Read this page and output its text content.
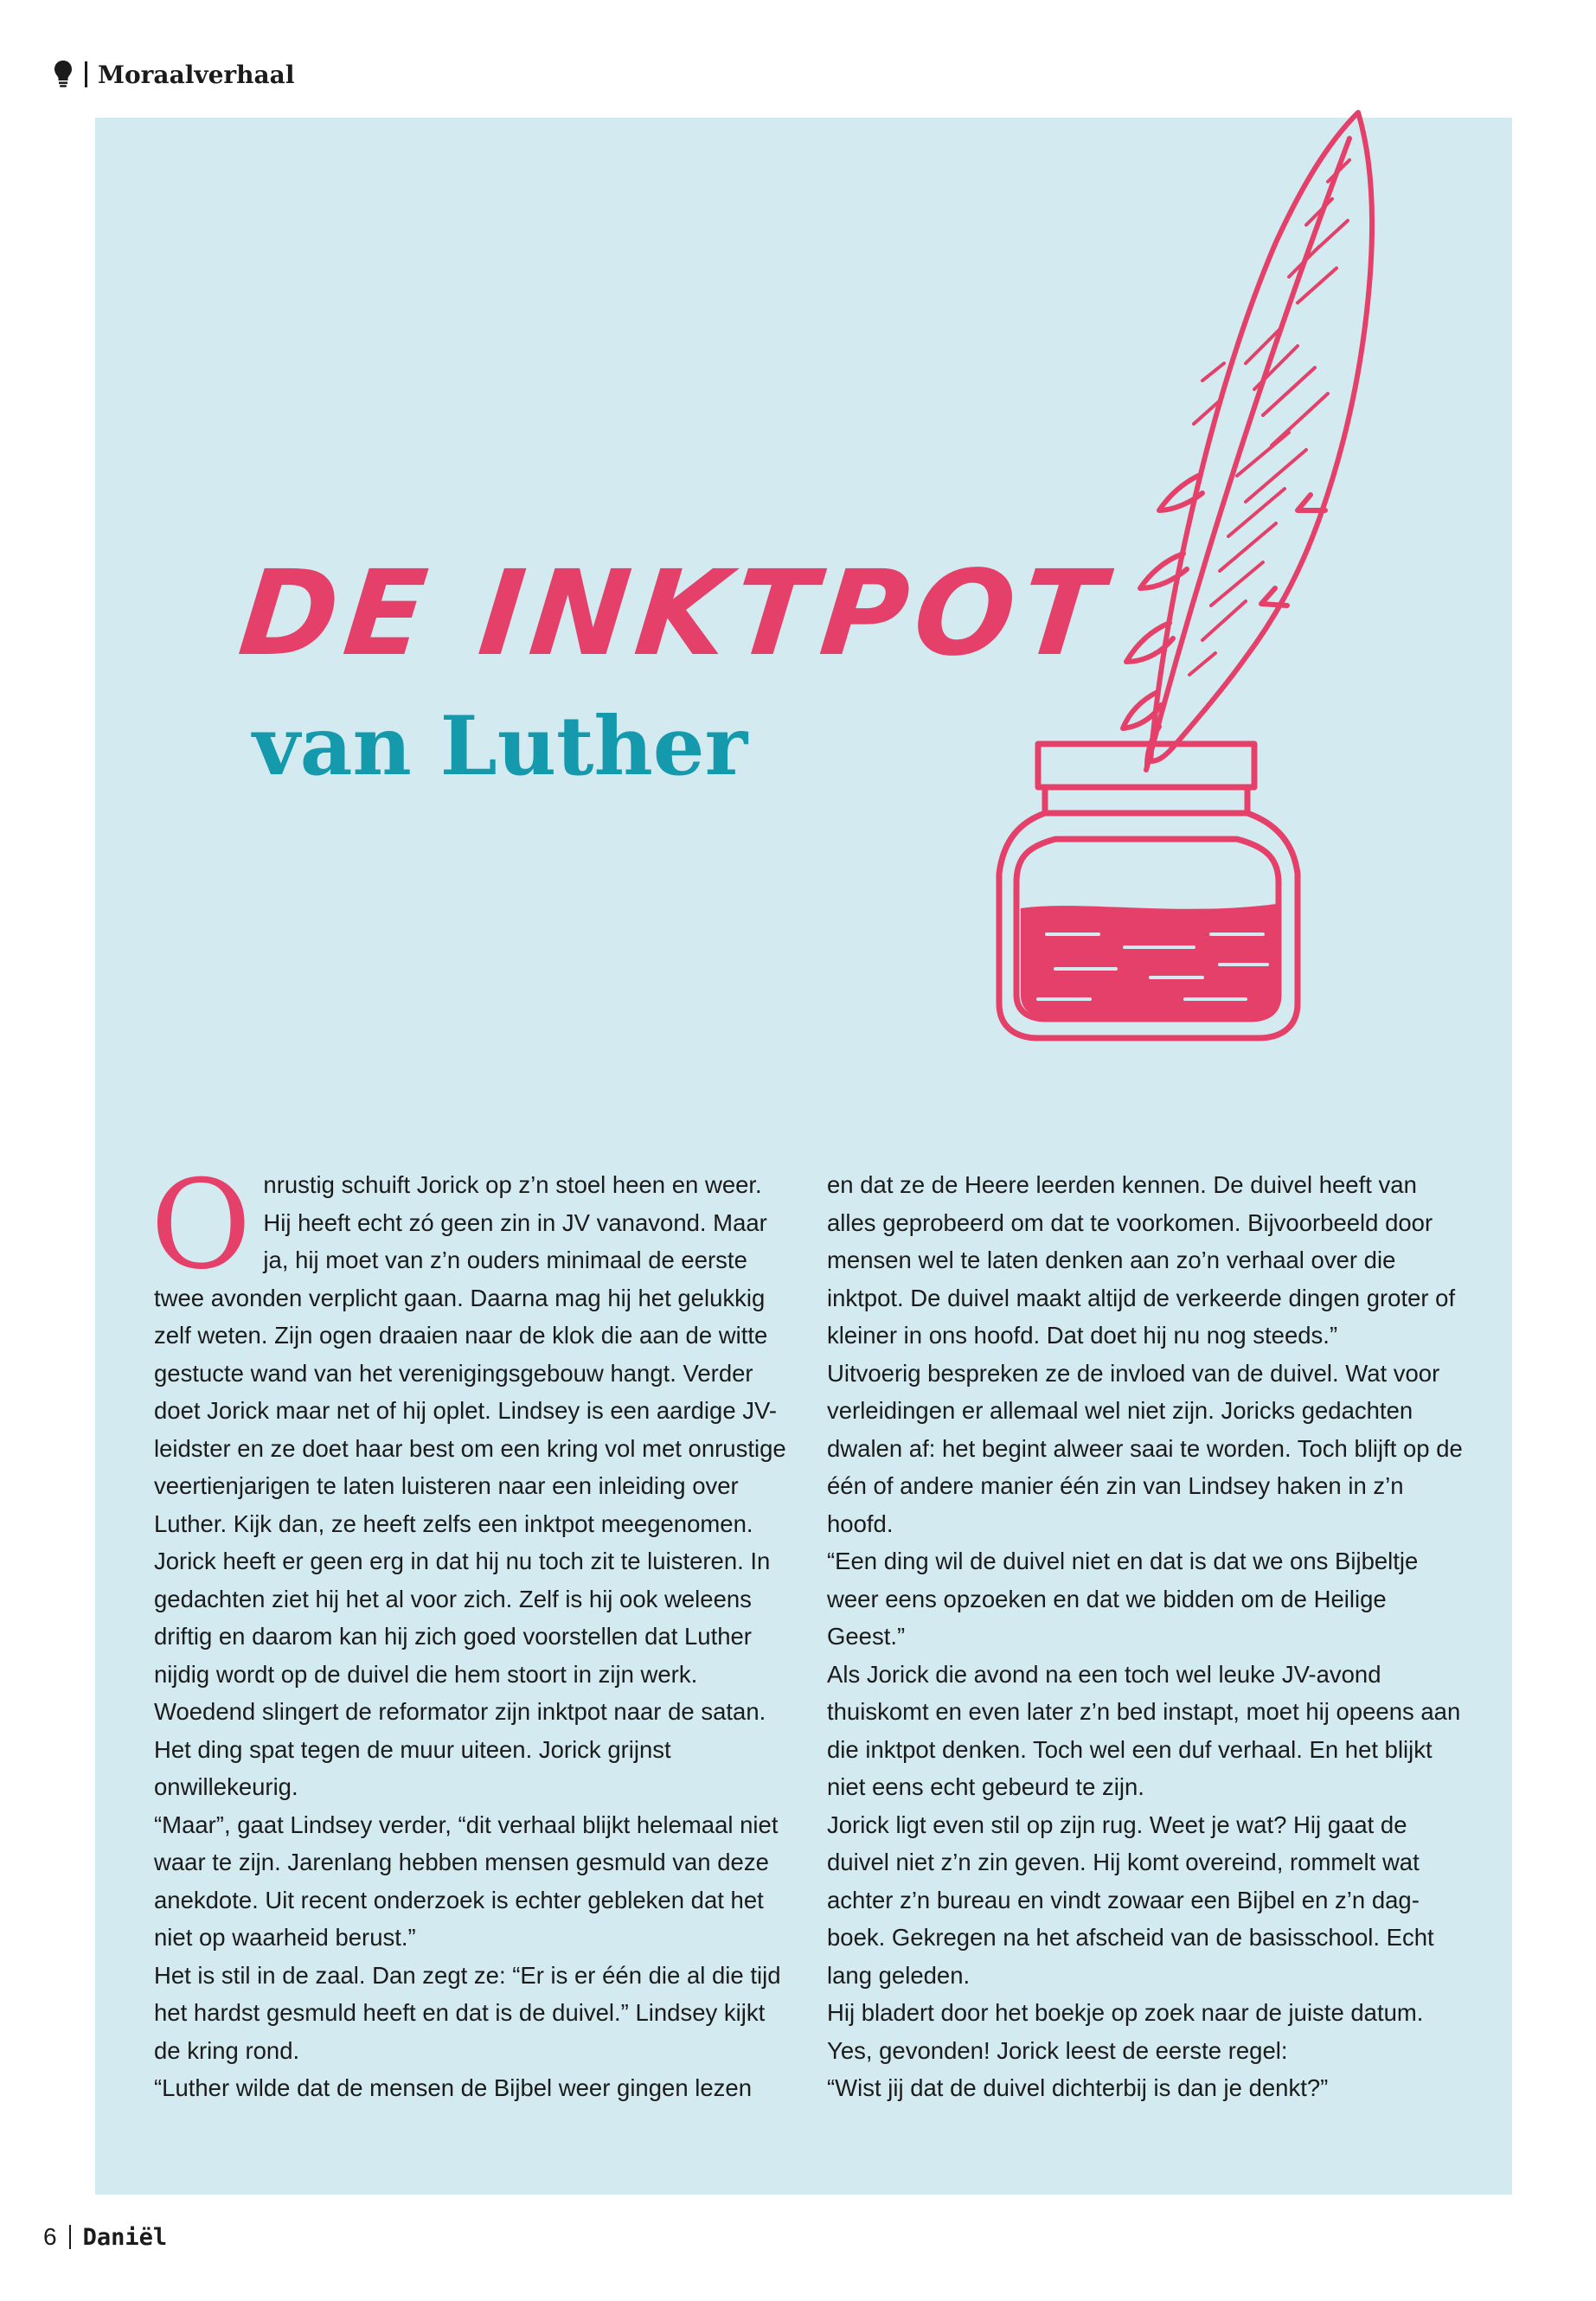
Moraalverhaal
DE INKTPOT
van Luther

Onrustig schuift Jorick op z’n stoel heen en weer. Hij heeft echt zó geen zin in JV vanavond. Maar ja, hij moet van z’n ouders minimaal de eerste twee avonden verplicht gaan. Daarna mag hij het gelukkig zelf weten. Zijn ogen draaien naar de klok die aan de witte gestucte wand van het verenigingsgebouw hangt. Verder doet Jorick maar net of hij oplet. Lindsey is een aardige JV-leidster en ze doet haar best om een kring vol met onrustige veertienjarigen te laten luisteren naar een inleiding over Luther. Kijk dan, ze heeft zelfs een inktpot meegenomen.

Jorick heeft er geen erg in dat hij nu toch zit te luisteren. In gedachten ziet hij het al voor zich. Zelf is hij ook weleens driftig en daarom kan hij zich goed voorstellen dat Luther nijdig wordt op de duivel die hem stoort in zijn werk. Woedend slingert de reformator zijn inktpot naar de satan. Het ding spat tegen de muur uiteen. Jorick grijnst onwillekeurig.

“Maar”, gaat Lindsey verder, “dit verhaal blijkt helemaal niet waar te zijn. Jarenlang hebben mensen gesmuld van deze anekdote. Uit recent onderzoek is echter gebleken dat het niet op waarheid berust.”

Het is stil in de zaal. Dan zegt ze: “Er is er één die al die tijd het hardst gesmuld heeft en dat is de duivel.” Lindsey kijkt de kring rond.

“Luther wilde dat de mensen de Bijbel weer gingen lezen

en dat ze de Heere leerden kennen. De duivel heeft van alles geprobeerd om dat te voorkomen. Bijvoorbeeld door mensen wel te laten denken aan zo’n verhaal over die inktpot. De duivel maakt altijd de verkeerde dingen groter of kleiner in ons hoofd. Dat doet hij nu nog steeds.”

Uitvoerig bespreken ze de invloed van de duivel. Wat voor verleidingen er allemaal wel niet zijn. Joricks gedachten dwalen af: het begint alweer saai te worden. Toch blijft op de één of andere manier één zin van Lindsey haken in z’n hoofd.

“Een ding wil de duivel niet en dat is dat we ons Bijbeltje weer eens opzoeken en dat we bidden om de Heilige Geest.”

Als Jorick die avond na een toch wel leuke JV-avond thuiskomt en even later z’n bed instapt, moet hij opeens aan die inktpot denken. Toch wel een duf verhaal. En het blijkt niet eens echt gebeurd te zijn.

Jorick ligt even stil op zijn rug. Weet je wat? Hij gaat de duivel niet z’n zin geven. Hij komt overeind, rommelt wat achter z’n bureau en vindt zowaar een Bijbel en z’n dagboek. Gekregen na het afscheid van de basisschool. Echt lang geleden.

Hij bladert door het boekje op zoek naar de juiste datum. Yes, gevonden! Jorick leest de eerste regel:

“Wist jij dat de duivel dichterbij is dan je denkt?”

6 Daniël
